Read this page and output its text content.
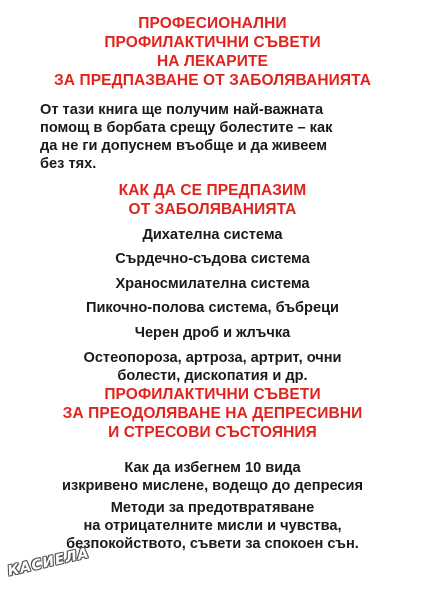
ПРОФЕСИОНАЛНИ
ПРОФИЛАКТИЧНИ СЪВЕТИ
НА ЛЕКАРИТЕ
ЗА ПРЕДПАЗВАНЕ ОТ ЗАБОЛЯВАНИЯТА

От тази книга ще получим най-важната
помощ в борбата срещу болестите – как
да не ги допуснем въобще и да живеем
без тях.

КАК ДА СЕ ПРЕДПАЗИМ
ОТ ЗАБОЛЯВАНИЯТА
Дихателна система
Сърдечно-съдова система
Храносмилателна система
Пикочно-полова система, бъбреци
Черен дроб и жлъчка
Остеопороза, артроза, артрит, очни
болести, дископатия и др.
ПРОФИЛАКТИЧНИ СЪВЕТИ
ЗА ПРЕОДОЛЯВАНЕ НА ДЕПРЕСИВНИ
И СТРЕСОВИ СЪСТОЯНИЯ

Как да избегнем 10 вида
изкривено мислене, водещо до депресия

Методи за предотвратяване
на отрицателните мисли и чувства,
безпокойството, съвети за спокоен сън.

КАСИЕЛА
